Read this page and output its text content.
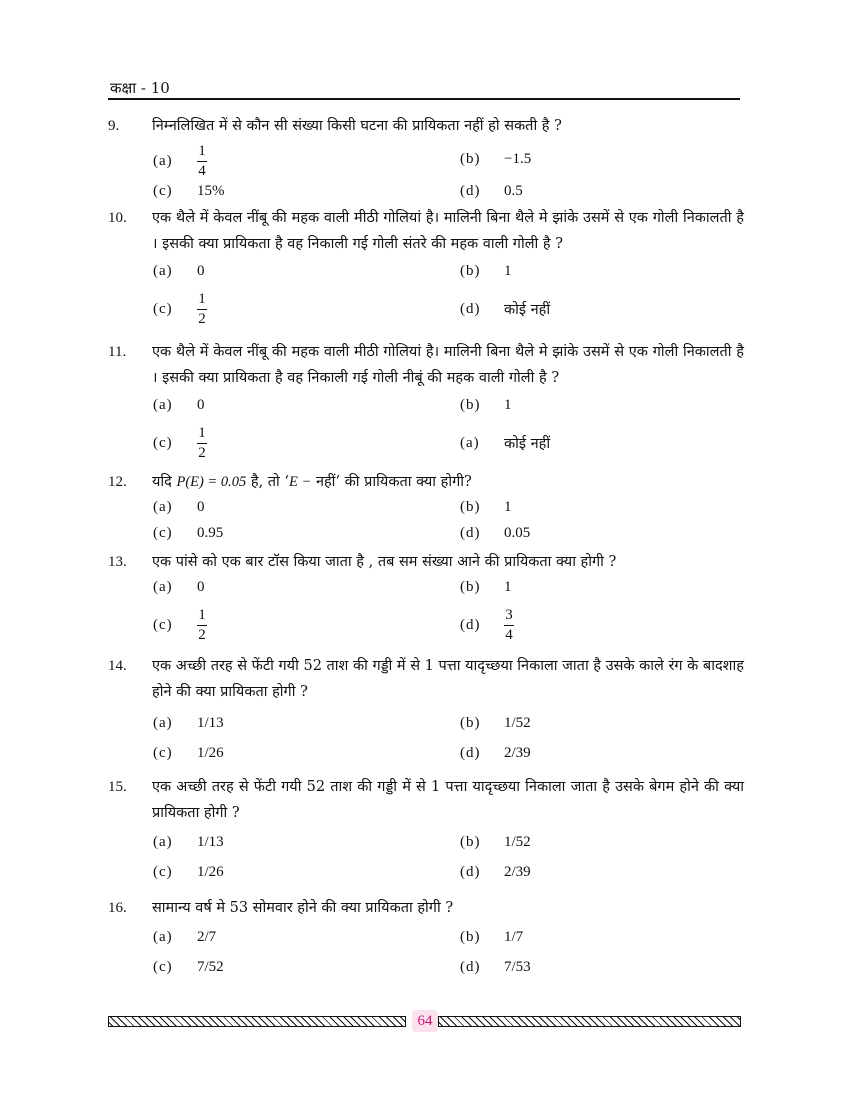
कक्षा - 10
9.	निम्नलिखित में से कौन सी संख्या किसी घटना की प्रायिकता नहीं हो सकती है ?
(a)	$\frac{1}{4}$	(b)	−1.5
(c)	15%	(d)	0.5
10.	एक थैले में केवल नींबू की महक वाली मीठी गोलियां है। मालिनी बिना थैले मे झांके उसमें से एक गोली निकालती है । इसकी क्या प्रायिकता है वह निकाली गई गोली संतरे की महक वाली गोली है ?
(a)	0	(b)	1
(c)	$\frac{1}{2}$	(d)	कोई नहीं
11.	एक थैले में केवल नींबू की महक वाली मीठी गोलियां है। मालिनी बिना थैले मे झांके उसमें से एक गोली निकालती है । इसकी क्या प्रायिकता है वह निकाली गई गोली नीबूं की महक वाली गोली है ?
(a)	0	(b)	1
(c)	$\frac{1}{2}$	(a)	कोई नहीं
12.	यदि P(E) = 0.05 है, तो ‘E − नहीं’ की प्रायिकता क्या होगी?
(a)	0	(b)	1
(c)	0.95	(d)	0.05
13.	एक पांसे को एक बार टॉस किया जाता है , तब सम संख्या आने की प्रायिकता क्या होगी ?
(a)	0	(b)	1
(c)	$\frac{1}{2}$	(d)	$\frac{3}{4}$
14.	एक अच्छी तरह से फेंटी गयी 52 ताश की गड्डी में से 1 पत्ता यादृच्छया निकाला जाता है उसके काले रंग के बादशाह होने की क्या प्रायिकता होगी ?
(a)	1/13	(b)	1/52
(c)	1/26	(d)	2/39
15.	एक अच्छी तरह से फेंटी गयी 52 ताश की गड्डी में से 1 पत्ता यादृच्छया निकाला जाता है उसके बेगम होने की क्या प्रायिकता होगी ?
(a)	1/13	(b)	1/52
(c)	1/26	(d)	2/39
16.	सामान्य वर्ष मे 53 सोमवार होने की क्या प्रायिकता होगी ?
(a)	2/7	(b)	1/7
(c)	7/52	(d)	7/53
64
